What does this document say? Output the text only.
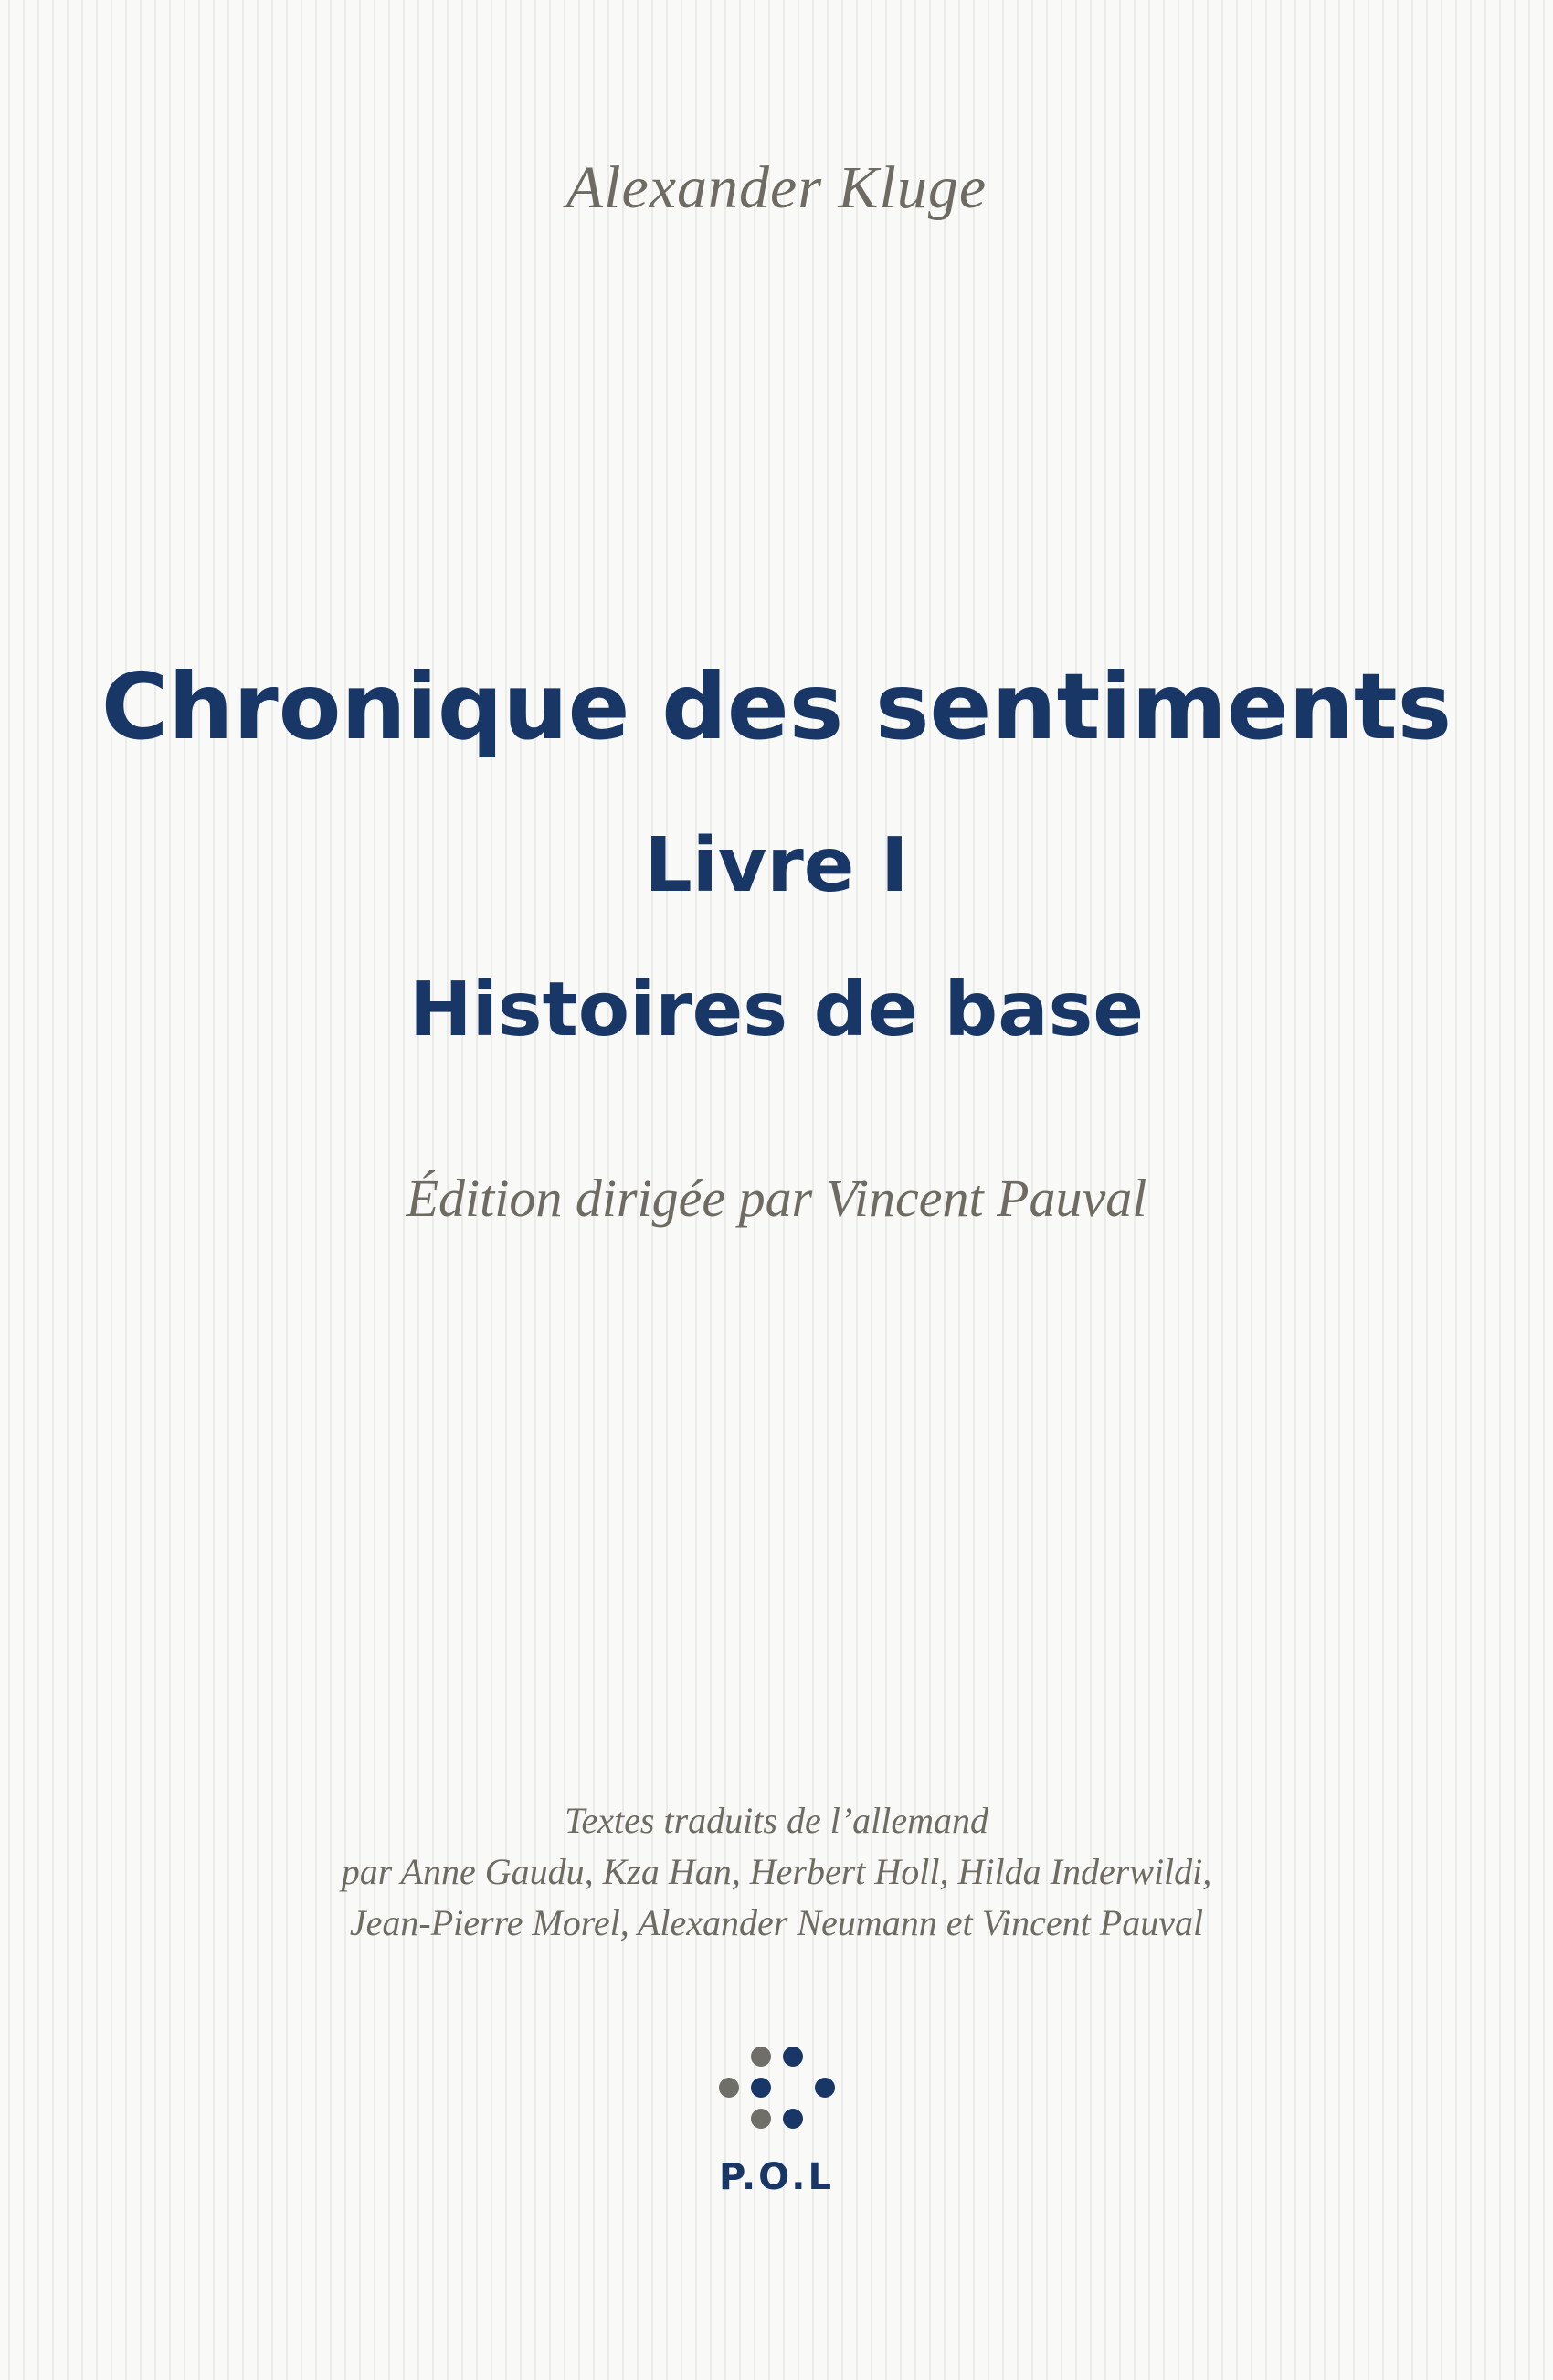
Alexander Kluge
Chronique des sentiments
Livre I
Histoires de base
Édition dirigée par Vincent Pauval
Textes traduits de l’allemand
par Anne Gaudu, Kza Han, Herbert Holl, Hilda Inderwildi,
Jean-Pierre Morel, Alexander Neumann et Vincent Pauval
P.O.L
